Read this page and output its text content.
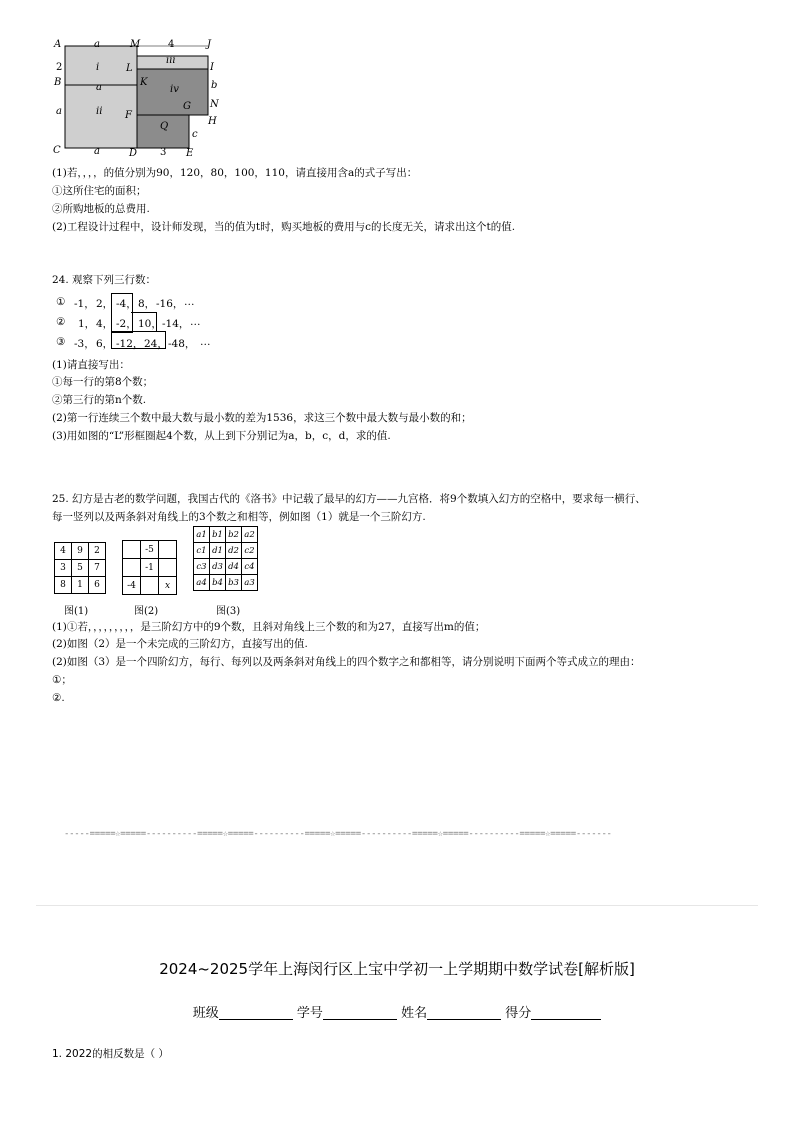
A	a	M	4	J
2	i	L
iii
I
B	K	b
a	iv
N
a	ii F
G
H
Q
c
C	a	D 3 E
(1)若，，，，的值分别为90，120，80，100，110，请直接用含a的式子写出：
①这所住宅的面积；
②所购地板的总费用.
(2)工程设计过程中，设计师发现，当的值为t时，购买地板的费用与c的长度无关，请求出这个t的值.
24. 观察下列三行数：
① -1， 2， -4， 8， -16， …
② 1， 4， -2， 10， -14， …
③ -3， 6， -12， 24， -48， …
(1)请直接写出：
①每一行的第8个数；
②第三行的第n个数.
(2)第一行连续三个数中最大数与最小数的差为1536，求这三个数中最大数与最小数的和；
(3)用如图的“L”形框圈起4个数，从上到下分别记为a，b，c，d，求的值.
25. 幻方是古老的数学问题，我国古代的《洛书》中记载了最早的幻方——九宫格．将9个数填入幻方的空格中，要求每一横行、
每一竖列以及两条斜对角线上的3个数之和相等，例如图（1）就是一个三阶幻方.
4	9	2
3	5	7
8	1	6
	-5	
	-1	
-4		x
a1	b1	b2	a2
c1	d1	d2	c2
c3	d3	d4	c4
a4	b4	b3	a3
图(1)	图(2)	图(3)
(1)①若，，，，，，，，，是三阶幻方中的9个数，且斜对角线上三个数的和为27，直接写出m的值；
(2)如图（2）是一个未完成的三阶幻方，直接写出的值.
(2)如图（3）是一个四阶幻方，每行、每列以及两条斜对角线上的四个数字之和都相等，请分别说明下面两个等式成立的理由：
①；
②.
-----=====☆=====----------=====☆=====----------=====☆=====----------=====☆=====----------=====☆=====-------
2024~2025学年上海闵行区上宝中学初一上学期期中数学试卷[解析版]
班级	学号	姓名	得分
1. 2022的相反数是（ ）
